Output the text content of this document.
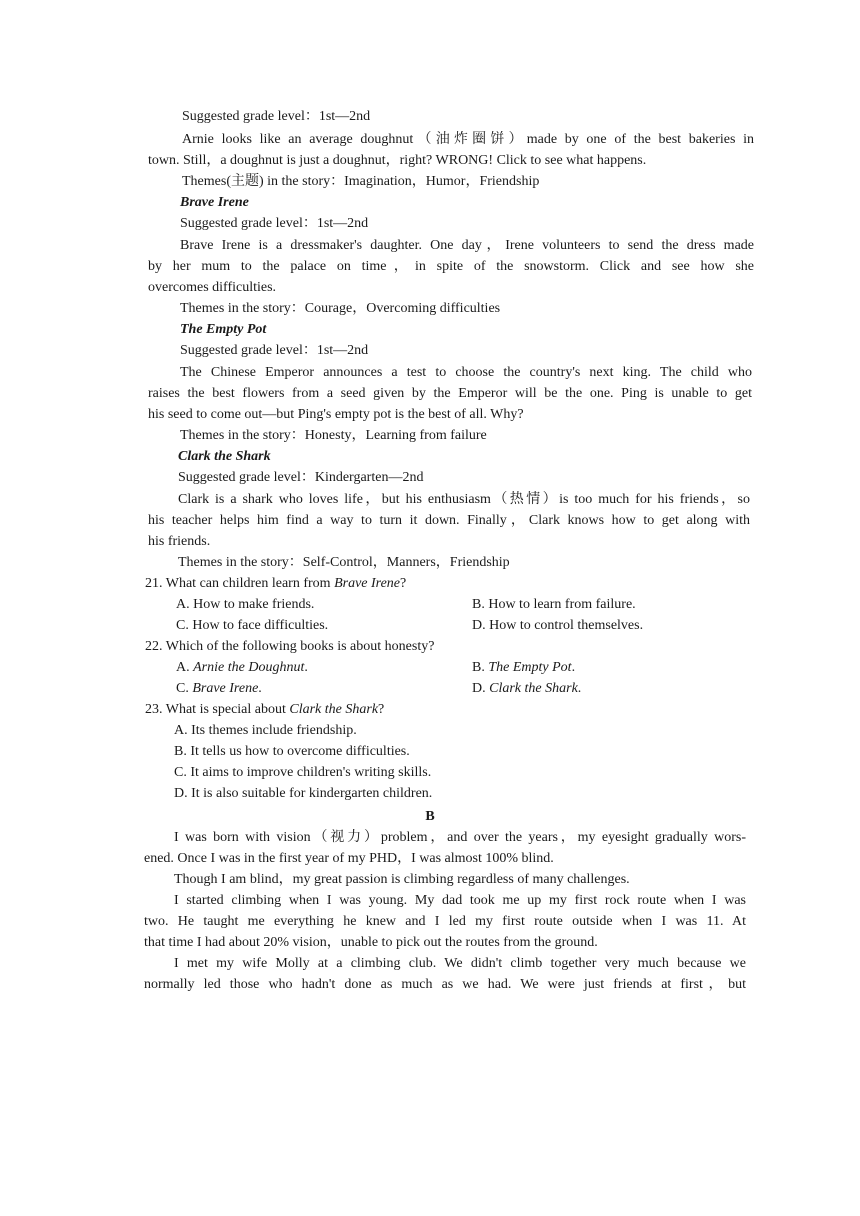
Suggested grade level：1st—2nd
Arnie looks like an average doughnut（油炸圈饼）made by one of the best bakeries in
town. Still，a doughnut is just a doughnut，right? WRONG! Click to see what happens.
Themes(主题) in the story：Imagination，Humor，Friendship
Brave Irene
Suggested grade level：1st—2nd
Brave Irene is a dressmaker's daughter. One day，Irene volunteers to send the dress made
by her mum to the palace on time，in spite of the snowstorm. Click and see how she
overcomes difficulties.
Themes in the story：Courage，Overcoming difficulties
The Empty Pot
Suggested grade level：1st—2nd
The Chinese Emperor announces a test to choose the country's next king. The child who
raises the best flowers from a seed given by the Emperor will be the one. Ping is unable to get
his seed to come out—but Ping's empty pot is the best of all. Why?
Themes in the story：Honesty，Learning from failure
Clark the Shark
Suggested grade level：Kindergarten—2nd
Clark is a shark who loves life，but his enthusiasm（热情）is too much for his friends，so
his teacher helps him find a way to turn it down. Finally，Clark knows how to get along with
his friends.
Themes in the story：Self-Control，Manners，Friendship
21. What can children learn from Brave Irene?
A. How to make friends.	B. How to learn from failure.
C. How to face difficulties.	D. How to control themselves.
22. Which of the following books is about honesty?
A. Arnie the Doughnut.	B. The Empty Pot.
C. Brave Irene.	D. Clark the Shark.
23. What is special about Clark the Shark?
A. Its themes include friendship.
B. It tells us how to overcome difficulties.
C. It aims to improve children's writing skills.
D. It is also suitable for kindergarten children.
B
I was born with vision（视力）problem，and over the years，my eyesight gradually wors-
ened. Once I was in the first year of my PHD，I was almost 100% blind.
Though I am blind，my great passion is climbing regardless of many challenges.
I started climbing when I was young. My dad took me up my first rock route when I was
two. He taught me everything he knew and I led my first route outside when I was 11. At
that time I had about 20% vision，unable to pick out the routes from the ground.
I met my wife Molly at a climbing club. We didn't climb together very much because we
normally led those who hadn't done as much as we had. We were just friends at first，but
